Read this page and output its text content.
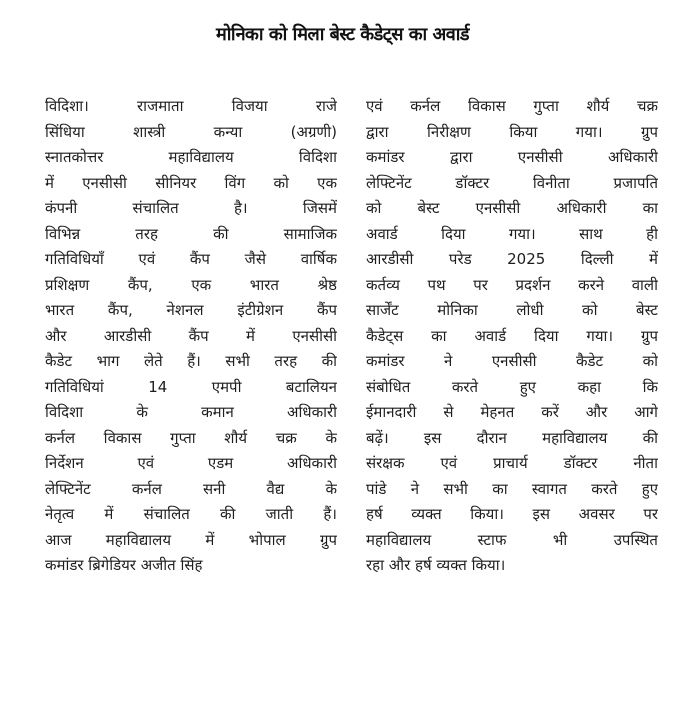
मोनिका को मिला बेस्ट कैडेट्स का अवार्ड
विदिशा। राजमाता विजया राजे
सिंधिया शास्त्री कन्या (अग्रणी)
स्नातकोत्तर महाविद्यालय विदिशा
में एनसीसी सीनियर विंग को एक
कंपनी संचालित है। जिसमें
विभिन्न तरह की सामाजिक
गतिविधियाँ एवं कैंप जैसे वार्षिक
प्रशिक्षण कैंप, एक भारत श्रेष्ठ
भारत कैंप, नेशनल इंटीग्रेशन कैंप
और आरडीसी कैंप में एनसीसी
कैडेट भाग लेते हैं। सभी तरह की
गतिविधियां 14 एमपी बटालियन
विदिशा के कमान अधिकारी
कर्नल विकास गुप्ता शौर्य चक्र के
निर्देशन एवं एडम अधिकारी
लेफ्टिनेंट कर्नल सनी वैद्य के
नेतृत्व में संचालित की जाती हैं।
आज महाविद्यालय में भोपाल ग्रुप
कमांडर ब्रिगेडियर अजीत सिंह
एवं कर्नल विकास गुप्ता शौर्य चक्र
द्वारा निरीक्षण किया गया। ग्रुप
कमांडर द्वारा एनसीसी अधिकारी
लेफ्टिनेंट डॉक्टर विनीता प्रजापति
को बेस्ट एनसीसी अधिकारी का
अवार्ड दिया गया। साथ ही
आरडीसी परेड 2025 दिल्ली में
कर्तव्य पथ पर प्रदर्शन करने वाली
सार्जेंट मोनिका लोधी को बेस्ट
कैडेट्स का अवार्ड दिया गया। ग्रुप
कमांडर ने एनसीसी कैडेट को
संबोधित करते हुए कहा कि
ईमानदारी से मेहनत करें और आगे
बढ़ें। इस दौरान महाविद्यालय की
संरक्षक एवं प्राचार्य डॉक्टर नीता
पांडे ने सभी का स्वागत करते हुए
हर्ष व्यक्त किया। इस अवसर पर
महाविद्यालय स्टाफ भी उपस्थित
रहा और हर्ष व्यक्त किया।
